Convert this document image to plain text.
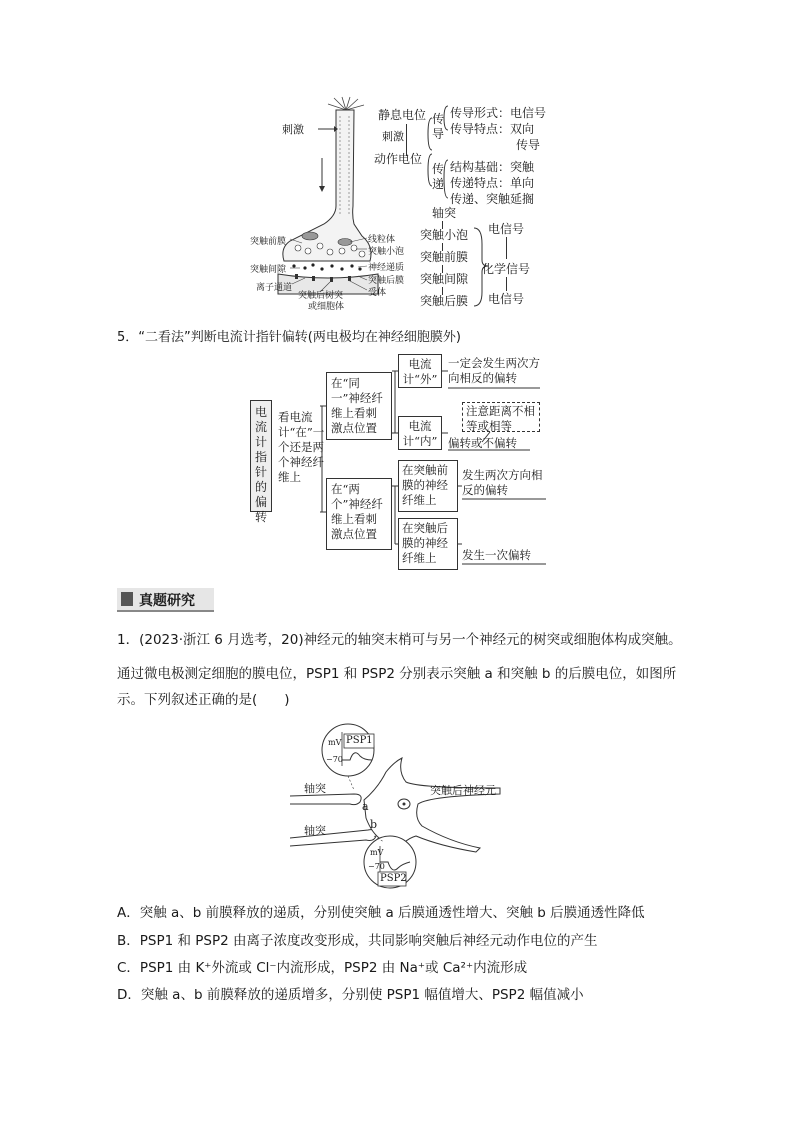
刺激
突触前膜
突触间隙
离子通道
突触后树突
或细胞体
线粒体
突触小泡
神经递质
突触后膜
受体
静息电位
刺激
动作电位
传导
传递
传导形式：电信号
传导特点：双向
传导
结构基础：突触
传递特点：单向
传递、突触延搁
轴突
突触小泡
突触前膜
突触间隙
突触后膜
电信号
化学信号
电信号
5．“二看法”判断电流计指针偏转(两电极均在神经细胞膜外)
电流计指针的偏转
看电流计“在”一个还是两个神经纤维上
在“同一”神经纤维上看刺激点位置
在“两个”神经纤维上看刺激点位置
电流计“外”
电流计“内”
一定会发生两次方向相反的偏转
注意距离不相等或相等
偏转或不偏转
在突触前膜的神经纤维上
在突触后膜的神经纤维上
发生两次方向相反的偏转
发生一次偏转
真题研究
1．(2023·浙江 6 月选考，20)神经元的轴突末梢可与另一个神经元的树突或细胞体构成突触。
通过微电极测定细胞的膜电位，PSP1 和 PSP2 分别表示突触 a 和突触 b 的后膜电位，如图所
示。下列叙述正确的是(　　)
mV
−70
PSP1
轴突
a
轴突	b
突触后神经元
mV
−70
PSP2
A．突触 a、b 前膜释放的递质，分别使突触 a 后膜通透性增大、突触 b 后膜通透性降低
B．PSP1 和 PSP2 由离子浓度改变形成，共同影响突触后神经元动作电位的产生
C．PSP1 由 K⁺外流或 Cl⁻内流形成，PSP2 由 Na⁺或 Ca²⁺内流形成
D．突触 a、b 前膜释放的递质增多，分别使 PSP1 幅值增大、PSP2 幅值减小
